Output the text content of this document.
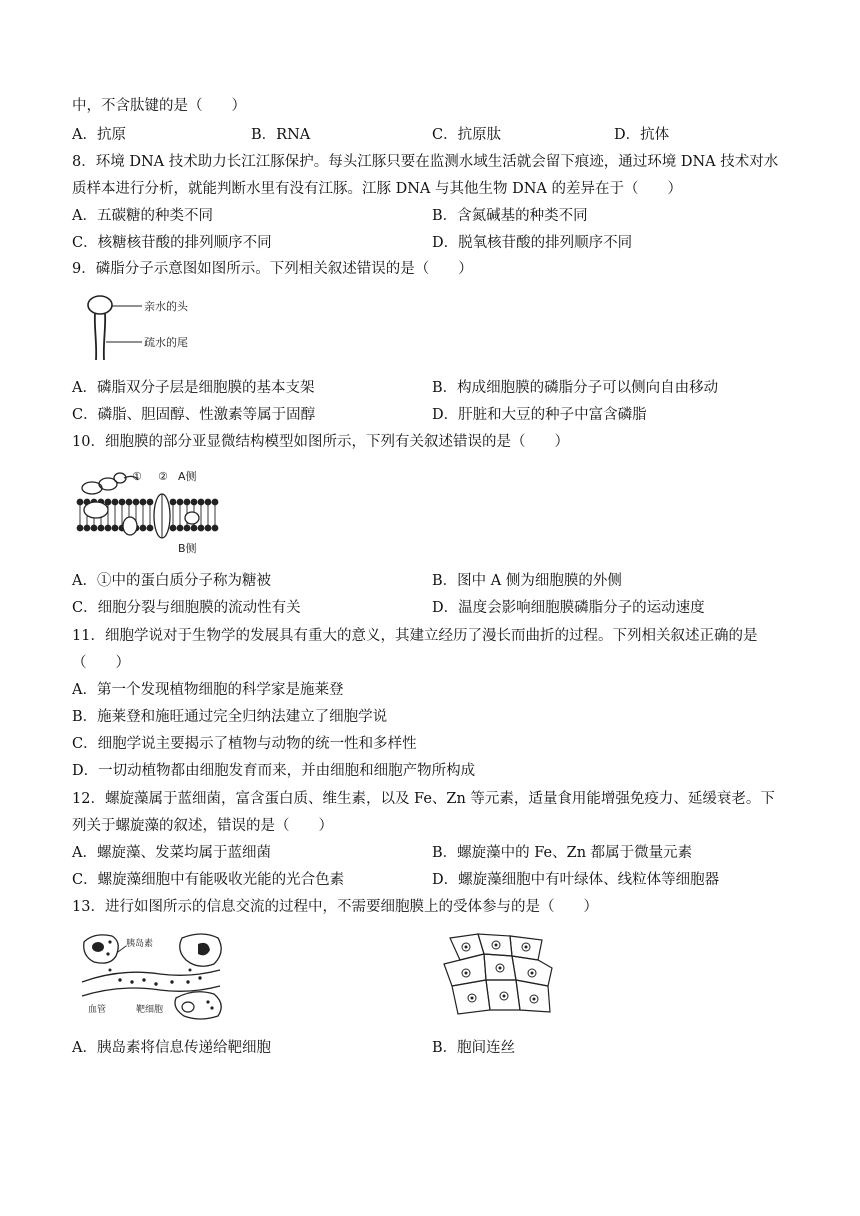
中，不含肽键的是（　　）
A．抗原	B．RNA	C．抗原肽	D．抗体
8．环境 DNA 技术助力长江江豚保护。每头江豚只要在监测水域生活就会留下痕迹，通过环境 DNA 技术对水
质样本进行分析，就能判断水里有没有江豚。江豚 DNA 与其他生物 DNA 的差异在于（　　）
A．五碳糖的种类不同	B．含氮碱基的种类不同
C．核糖核苷酸的排列顺序不同	D．脱氧核苷酸的排列顺序不同
9．磷脂分子示意图如图所示。下列相关叙述错误的是（　　）
亲水的头
疏水的尾
A．磷脂双分子层是细胞膜的基本支架	B．构成细胞膜的磷脂分子可以侧向自由移动
C．磷脂、胆固醇、性激素等属于固醇	D．肝脏和大豆的种子中富含磷脂
10．细胞膜的部分亚显微结构模型如图所示，下列有关叙述错误的是（　　）
① ② A侧
B侧
A．①中的蛋白质分子称为糖被	B．图中 A 侧为细胞膜的外侧
C．细胞分裂与细胞膜的流动性有关	D．温度会影响细胞膜磷脂分子的运动速度
11．细胞学说对于生物学的发展具有重大的意义，其建立经历了漫长而曲折的过程。下列相关叙述正确的是
（　　）
A．第一个发现植物细胞的科学家是施莱登
B．施莱登和施旺通过完全归纳法建立了细胞学说
C．细胞学说主要揭示了植物与动物的统一性和多样性
D．一切动植物都由细胞发育而来，并由细胞和细胞产物所构成
12．螺旋藻属于蓝细菌，富含蛋白质、维生素，以及 Fe、Zn 等元素，适量食用能增强免疫力、延缓衰老。下
列关于螺旋藻的叙述，错误的是（　　）
A．螺旋藻、发菜均属于蓝细菌	B．螺旋藻中的 Fe、Zn 都属于微量元素
C．螺旋藻细胞中有能吸收光能的光合色素	D．螺旋藻细胞中有叶绿体、线粒体等细胞器
13．进行如图所示的信息交流的过程中，不需要细胞膜上的受体参与的是（　　）
胰岛素
血管	靶细胞
A．胰岛素将信息传递给靶细胞	B．胞间连丝
